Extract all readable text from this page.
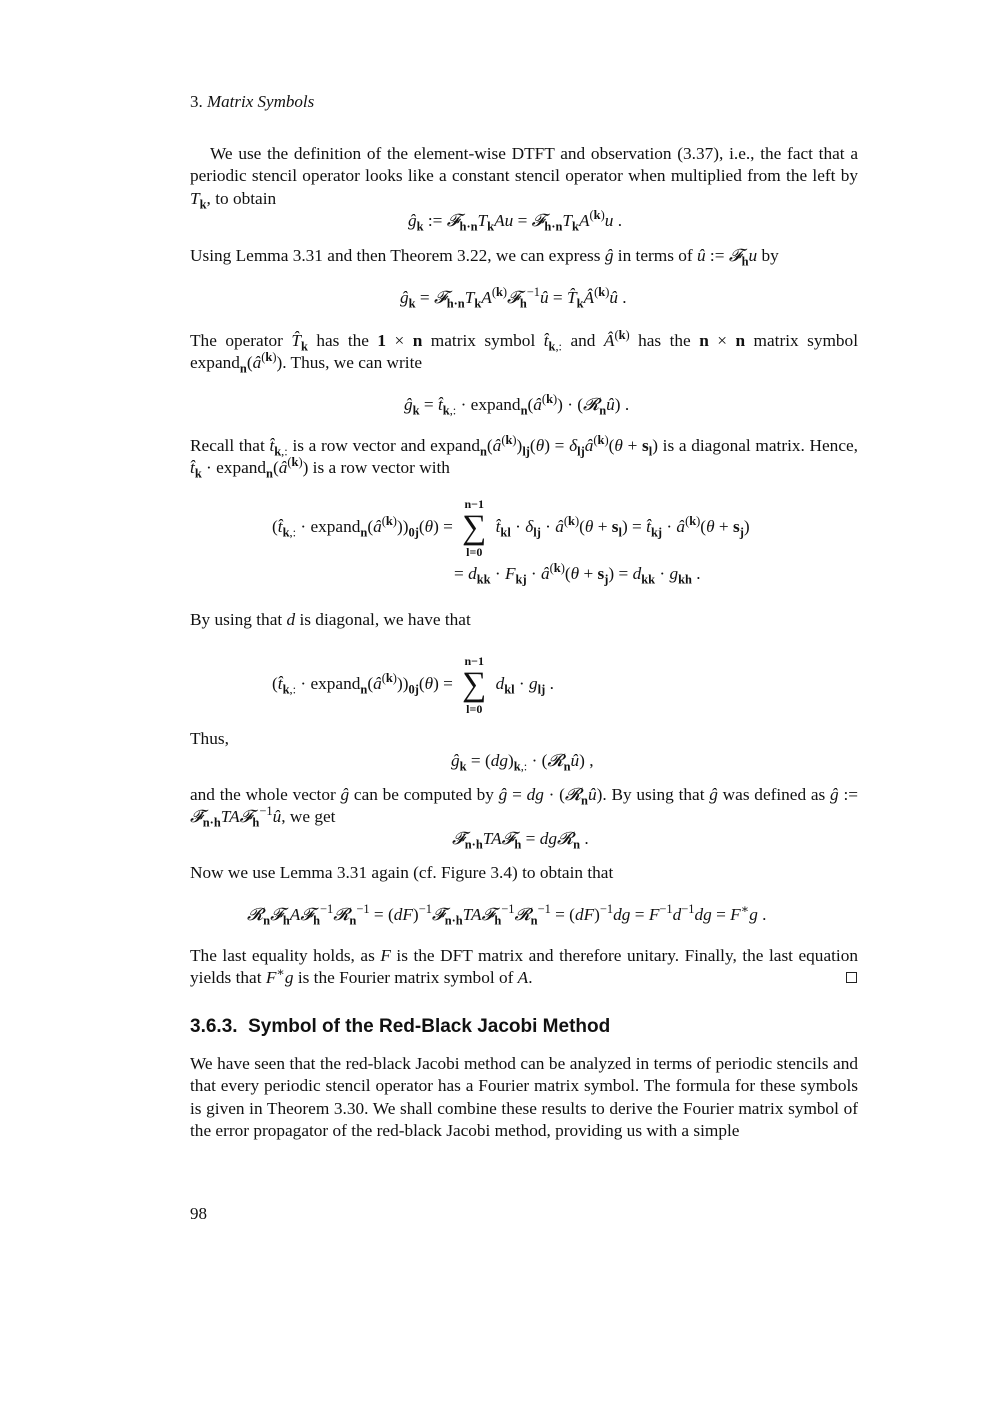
3. Matrix Symbols
We use the definition of the element-wise DTFT and observation (3.37), i.e., the fact that a periodic stencil operator looks like a constant stencil operator when multiplied from the left by $T_k$, to obtain
$ĝ_k$ := $𝓕_{h\cdot n}T_kAu$ = $𝓕_{h\cdot n}T_kA^{(k)}u$ .
Using Lemma 3.31 and then Theorem 3.22, we can express ĝ in terms of û := 𝓕$_h$u by
$ĝ_k$ = $𝓕_{h\cdot n}T_kA^{(k)}𝓕_h^{-1}û$ = $T̂_kÂ^{(k)}û$ .
The operator $T̂_k$ has the 1 × n matrix symbol $t̂_{k,:}$ and $Â^{(k)}$ has the n × n matrix symbol $expand_n(â^{(k)})$. Thus, we can write
$ĝ_k$ = $t̂_{k,:}$ · $expand_n(â^{(k)})$ · (𝓡$_n$û) .
Recall that $t̂_{k,:}$ is a row vector and $expand_n(â^{(k)})_{lj}(\theta)$ = $\delta_{lj}â^{(k)}(\theta + s_l)$ is a diagonal matrix. Hence, $t̂_k$ · $expand_n(â^{(k)})$ is a row vector with
($t̂_{k,:}$ · $expand_n(â^{(k)}))_{0j}(\theta)$ =
n−1
∑
l=0
$t̂_{kl} \cdot \delta_{lj}$ · $â^{(k)}(\theta + s_l)$ = $t̂_{kj}$ · $â^{(k)}(\theta + s_j)$
= $d_{kk} \cdot F_{kj}$ · $â^{(k)}(\theta + s_j) = d_{kk} \cdot g_{kh}$ .
By using that d is diagonal, we have that
($t̂_{k,:}$ · $expand_n(â^{(k)}))_{0j}(\theta)$ =
n−1
∑
l=0
$d_{kl} \cdot g_{lj}$ .
Thus,
$ĝ_k = (dg)_{k,:}$ · (𝓡$_n$û) ,
and the whole vector ĝ can be computed by ĝ = dg · (𝓡$_n$û). By using that ĝ was defined as ĝ := $𝓕̇_{n\cdot h}TA𝓕_h^{-1}û$, we get
$𝓕̇_{n\cdot h}TA𝓕_h$ = dg𝓡$_n$ .
Now we use Lemma 3.31 again (cf. Figure 3.4) to obtain that
𝓡$_n$𝓕$_h$A𝓕$_h^{-1}$𝓡$_n^{-1}$ = $(dF)^{-1}𝓕̇_{n\cdot h}TA𝓕_h^{-1}𝓡_n^{-1} = (dF)^{-1}dg = F^{-1}d^{-1}dg = F^∗g$ .
The last equality holds, as F is the DFT matrix and therefore unitary. Finally, the last equation yields that F∗g is the Fourier matrix symbol of A.
3.6.3. Symbol of the Red-Black Jacobi Method
We have seen that the red-black Jacobi method can be analyzed in terms of periodic stencils and that every periodic stencil operator has a Fourier matrix symbol. The formula for these symbols is given in Theorem 3.30. We shall combine these results to derive the Fourier matrix symbol of the error propagator of the red-black Jacobi method, providing us with a simple
98
